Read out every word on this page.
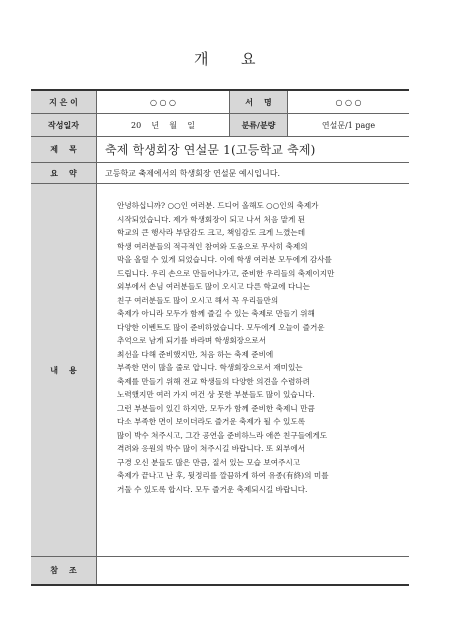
개 요
지 은 이	○ ○ ○	서    명	○ ○ ○
작성일자	20    년    월    일	분류/분량	연설문/1 page
제    목	축제 학생회장 연설문 1(고등학교 축제)
요    약	고등학교 축제에서의 학생회장 연설문 예시입니다.
내    용
안녕하십니까? ○○인 여러분. 드디어 올해도 ○○인의 축제가
시작되었습니다. 제가 학생회장이 되고 나서 처음 맡게 된
학교의 큰 행사라 부담감도 크고, 책임감도 크게 느꼈는데
학생 여러분들의 적극적인 참여와 도움으로 무사히 축제의
막을 올릴 수 있게 되었습니다. 이에 학생 여러분 모두에게 감사를
드립니다. 우리 손으로 만들어나가고, 준비한 우리들의 축제이지만
외부에서 손님 여러분들도 많이 오시고 다른 학교에 다니는
친구 여러분들도 많이 오시고 해서 꼭 우리들만의
축제가 아니라 모두가 함께 즐길 수 있는 축제로 만들기 위해
다양한 이벤트도 많이 준비하였습니다. 모두에게 오늘이 즐거운
추억으로 남게 되기를 바라며 학생회장으로서
최선을 다해 준비했지만, 처음 하는 축제 준비에
부족한 면이 많을 줄로 압니다. 학생회장으로서 재미있는
축제를 만들기 위해 전교 학생들의 다양한 의견을 수렴하려
노력했지만 여러 가지 여건 상 못한 부분들도 많이 있습니다.
그런 부분들이 있긴 하지만, 모두가 함께 준비한 축제니 만큼
다소 부족한 면이 보이더라도 즐거운 축제가 될 수 있도록
많이 박수 쳐주시고, 그간 공연을 준비하느라 애쓴 친구들에게도
격려와 응원의 박수 많이 쳐주시길 바랍니다. 또 외부에서
구경 오신 분들도 많은 만큼, 질서 있는 모습 보여주시고
축제가 끝나고 난 후, 뒷정리를 깔끔하게 하여 유종(有終)의 미를
거둘 수 있도록 합시다. 모두 즐거운 축제되시길 바랍니다.
참    조
